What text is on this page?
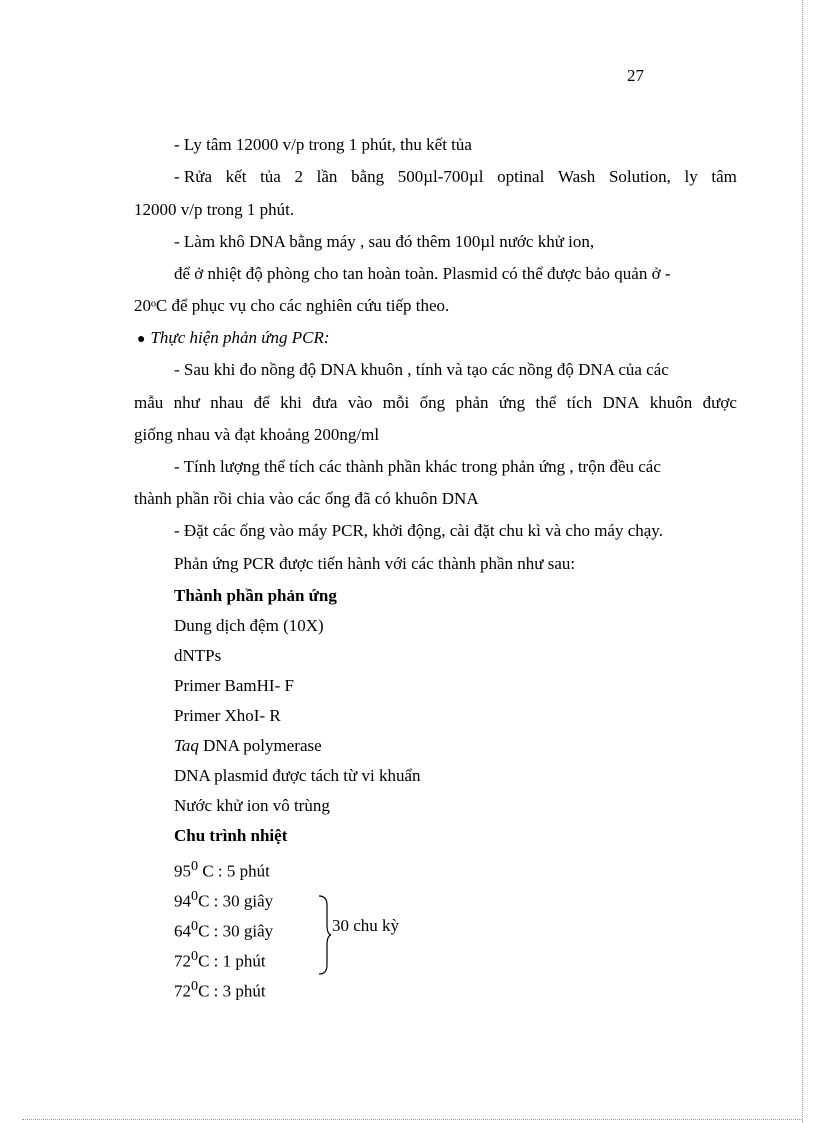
27
- Ly tâm 12000 v/p trong 1 phút, thu kết tủa
- Rửa kết tủa 2 lần bằng 500µl-700µl optinal Wash Solution, ly tâm
12000 v/p trong 1 phút.
- Làm khô DNA bằng máy , sau đó thêm 100µl nước khử ion,
để ở nhiệt độ phòng cho tan hoàn toàn. Plasmid có thể được bảo quản ở -
20ᵒC để phục vụ cho các nghiên cứu tiếp theo.
● Thực hiện phản ứng PCR:
- Sau khi đo nồng độ DNA khuôn , tính và tạo các nồng độ DNA của các
mẫu như nhau để khi đưa vào mỗi ống phản ứng thể tích DNA khuôn được
giống nhau và đạt khoảng 200ng/ml
- Tính lượng thể tích các thành phần khác trong phản ứng , trộn đều các
thành phần rồi chia vào các ống đã có khuôn DNA
- Đặt các ống vào máy PCR, khởi động, cài đặt chu kì và cho máy chạy.
Phản ứng PCR được tiến hành với các thành phần như sau:
Thành phần phản ứng
Dung dịch đệm (10X)
dNTPs
Primer BamHI- F
Primer XhoI- R
Taq DNA polymerase
DNA plasmid được tách từ vi khuẩn
Nước khử ion vô trùng
Chu trình nhiệt
$95^0$ C : 5 phút
$94^0C$ : 30 giây
$64^0C$ : 30 giây
$72^0C$ : 1 phút
$72^0C$ : 3 phút
30 chu kỳ
